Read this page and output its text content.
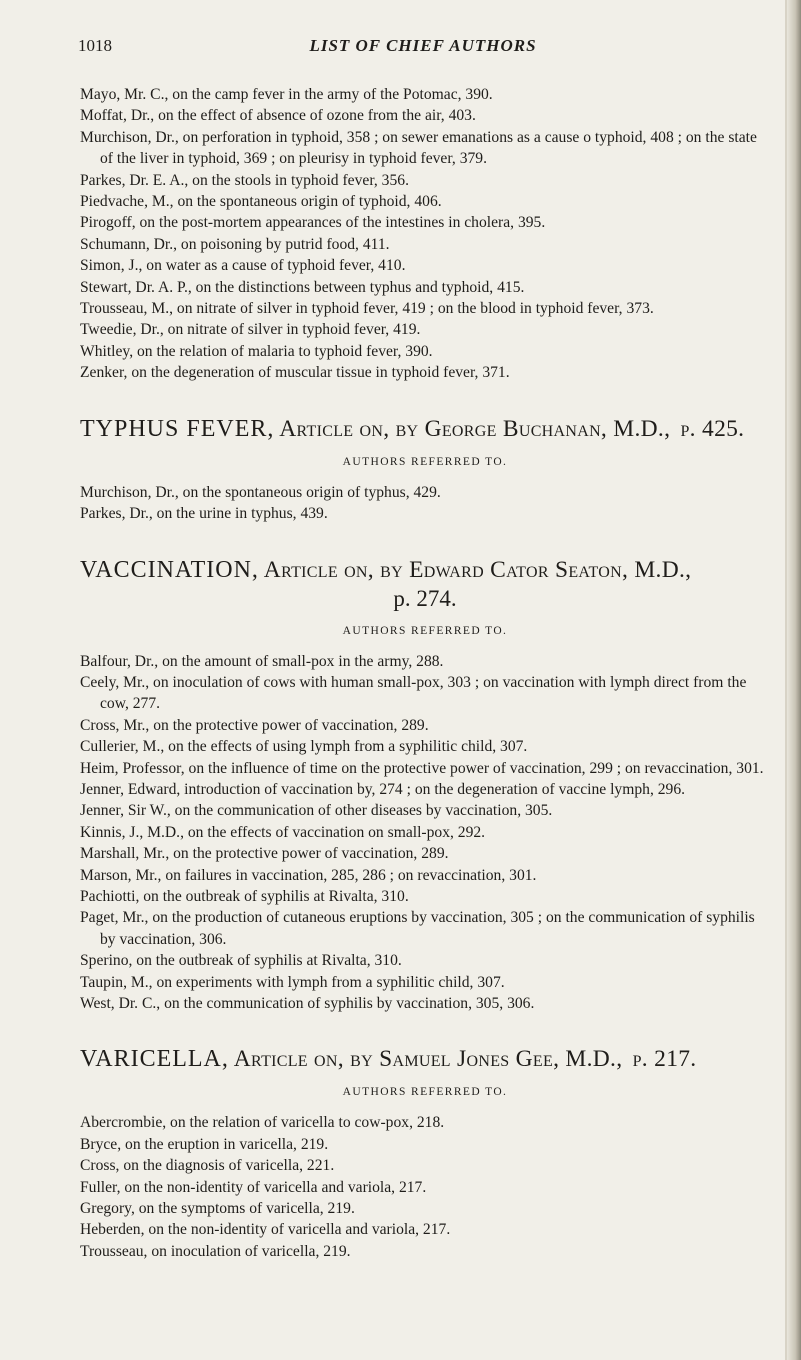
1018	LIST OF CHIEF AUTHORS

Mayo, Mr. C., on the camp fever in the army of the Potomac, 390.

Moffat, Dr., on the effect of absence of ozone from the air, 403.

Murchison, Dr., on perforation in typhoid, 358 ; on sewer emanations as a cause o typhoid, 408 ; on the state of the liver in typhoid, 369 ; on pleurisy in typhoid fever, 379.

Parkes, Dr. E. A., on the stools in typhoid fever, 356.

Piedvache, M., on the spontaneous origin of typhoid, 406.

Pirogoff, on the post-mortem appearances of the intestines in cholera, 395.

Schumann, Dr., on poisoning by putrid food, 411.

Simon, J., on water as a cause of typhoid fever, 410.

Stewart, Dr. A. P., on the distinctions between typhus and typhoid, 415.

Trousseau, M., on nitrate of silver in typhoid fever, 419 ; on the blood in typhoid fever, 373.

Tweedie, Dr., on nitrate of silver in typhoid fever, 419.

Whitley, on the relation of malaria to typhoid fever, 390.

Zenker, on the degeneration of muscular tissue in typhoid fever, 371.

TYPHUS FEVER, Article on, by George Buchanan, M.D., p. 425.

AUTHORS REFERRED TO.

Murchison, Dr., on the spontaneous origin of typhus, 429.

Parkes, Dr., on the urine in typhus, 439.

VACCINATION, Article on, by Edward Cator Seaton, M.D.,

p. 274.

AUTHORS REFERRED TO.

Balfour, Dr., on the amount of small-pox in the army, 288.

Ceely, Mr., on inoculation of cows with human small-pox, 303 ; on vaccination with lymph direct from the cow, 277.

Cross, Mr., on the protective power of vaccination, 289.

Cullerier, M., on the effects of using lymph from a syphilitic child, 307.

Heim, Professor, on the influence of time on the protective power of vaccination, 299 ; on revaccination, 301.

Jenner, Edward, introduction of vaccination by, 274 ; on the degeneration of vaccine lymph, 296.

Jenner, Sir W., on the communication of other diseases by vaccination, 305.

Kinnis, J., M.D., on the effects of vaccination on small-pox, 292.

Marshall, Mr., on the protective power of vaccination, 289.

Marson, Mr., on failures in vaccination, 285, 286 ; on revaccination, 301.

Pachiotti, on the outbreak of syphilis at Rivalta, 310.

Paget, Mr., on the production of cutaneous eruptions by vaccination, 305 ; on the communication of syphilis by vaccination, 306.

Sperino, on the outbreak of syphilis at Rivalta, 310.

Taupin, M., on experiments with lymph from a syphilitic child, 307.

West, Dr. C., on the communication of syphilis by vaccination, 305, 306.

VARICELLA, Article on, by Samuel Jones Gee, M.D., p. 217.

AUTHORS REFERRED TO.

Abercrombie, on the relation of varicella to cow-pox, 218.

Bryce, on the eruption in varicella, 219.

Cross, on the diagnosis of varicella, 221.

Fuller, on the non-identity of varicella and variola, 217.

Gregory, on the symptoms of varicella, 219.

Heberden, on the non-identity of varicella and variola, 217.

Trousseau, on inoculation of varicella, 219.
